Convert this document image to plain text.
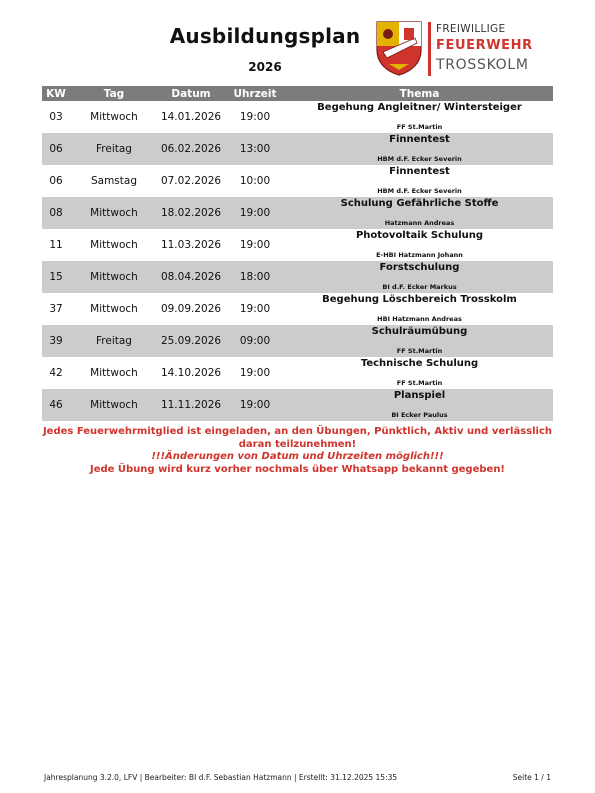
Ausbildungsplan
2026
FREIWILLIGE
FEUERWEHR
TROSSKOLM
KW	Tag	Datum	Uhrzeit	Thema
03	Mittwoch	14.01.2026	19:00	Begehung Angleitner/ Wintersteiger
FF St.Martin

06	Freitag	06.02.2026	13:00	Finnentest
HBM d.F. Ecker Severin

06	Samstag	07.02.2026	10:00	Finnentest
HBM d.F. Ecker Severin

08	Mittwoch	18.02.2026	19:00	Schulung Gefährliche Stoffe
Hatzmann Andreas

11	Mittwoch	11.03.2026	19:00	Photovoltaik Schulung
E-HBI Hatzmann Johann

15	Mittwoch	08.04.2026	18:00	Forstschulung
BI d.F. Ecker Markus

37	Mittwoch	09.09.2026	19:00	Begehung Löschbereich Trosskolm
HBI Hatzmann Andreas

39	Freitag	25.09.2026	09:00	Schulräumübung
FF St.Martin

42	Mittwoch	14.10.2026	19:00	Technische Schulung
FF St.Martin

46	Mittwoch	11.11.2026	19:00	Planspiel
BI Ecker Paulus
Jedes Feuerwehrmitglied ist eingeladen, an den Übungen, Pünktlich, Aktiv und verlässlich daran teilzunehmen!
!!!Änderungen von Datum und Uhrzeiten möglich!!!
Jede Übung wird kurz vorher nochmals über Whatsapp bekannt gegeben!
Jahresplanung 3.2.0, LFV | Bearbeiter: BI d.F. Sebastian Hatzmann | Erstellt: 31.12.2025 15:35	Seite 1 / 1
